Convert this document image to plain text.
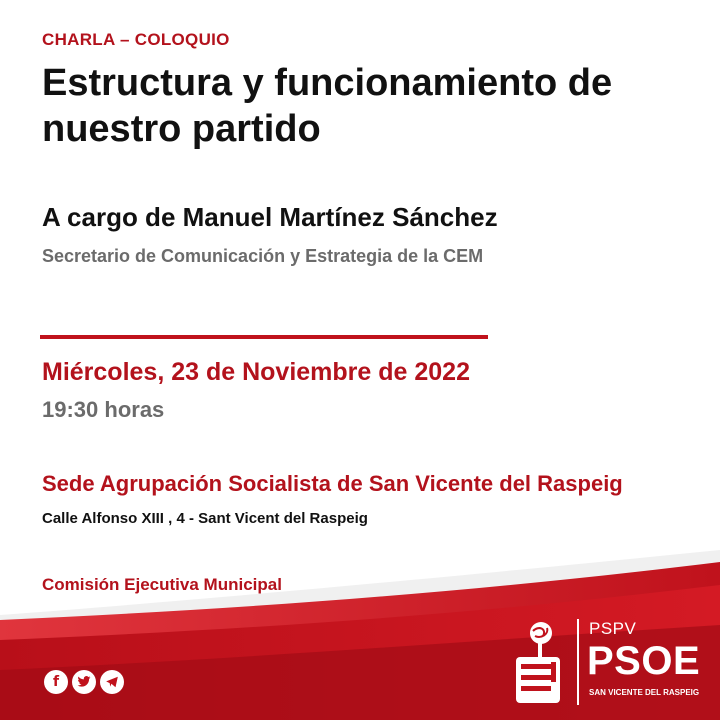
CHARLA – COLOQUIO

Estructura y funcionamiento de
nuestro partido

A cargo de Manuel Martínez Sánchez

Secretario de Comunicación y Estrategia de la CEM

Miércoles, 23 de Noviembre de 2022

19:30 horas

Sede Agrupación Socialista de San Vicente del Raspeig

Calle Alfonso XIII , 4 - Sant Vicent del Raspeig

Comisión Ejecutiva Municipal

f
PSPV
PSOE
SAN VICENTE DEL RASPEIG
